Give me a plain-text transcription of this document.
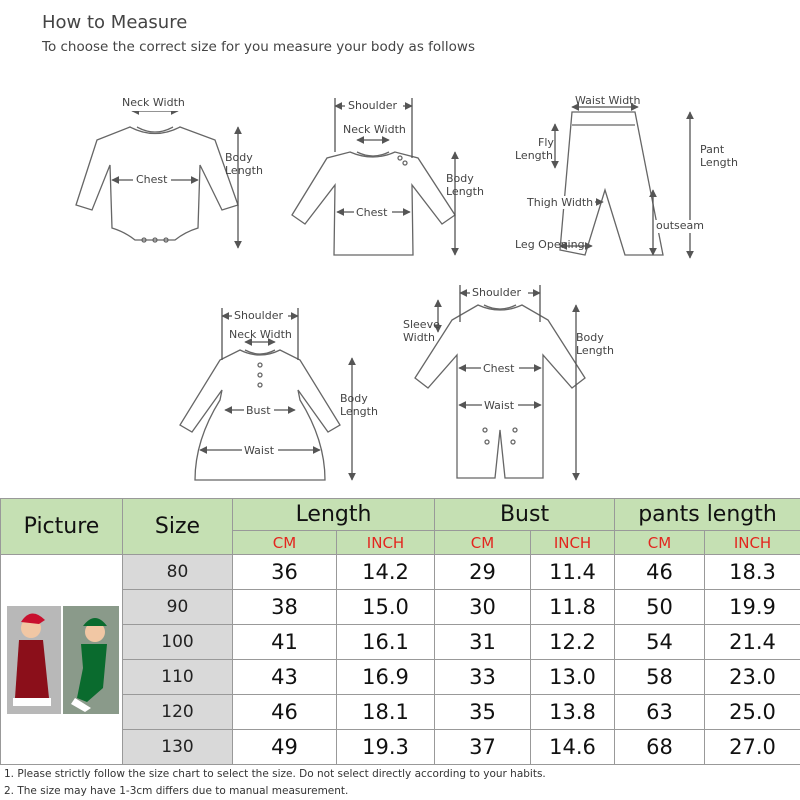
How to Measure
To choose the correct size for you measure your body as follows
Neck Width
Chest
Body
Length
Shoulder
Neck Width
Chest
Body
Length
Waist Width
Fly
Length	Pant
Length
Thigh Width
outseam
Leg Opening
Shoulder
Neck Width
Bust
Waist
Body
Length
Shoulder
Sleeve
Width
Chest
Waist
Body
Length
Picture	Size	Length		Bust		pants length	
		CM	INCH	CM	INCH	CM	INCH
	80	36	14.2	29	11.4	46	18.3
	90	38	15.0	30	11.8	50	19.9
	100	41	16.1	31	12.2	54	21.4
	110	43	16.9	33	13.0	58	23.0
	120	46	18.1	35	13.8	63	25.0
	130	49	19.3	37	14.6	68	27.0
1. Please strictly follow the size chart to select the size. Do not select directly according to your habits.
2. The size may have 1-3cm differs due to manual measurement.
